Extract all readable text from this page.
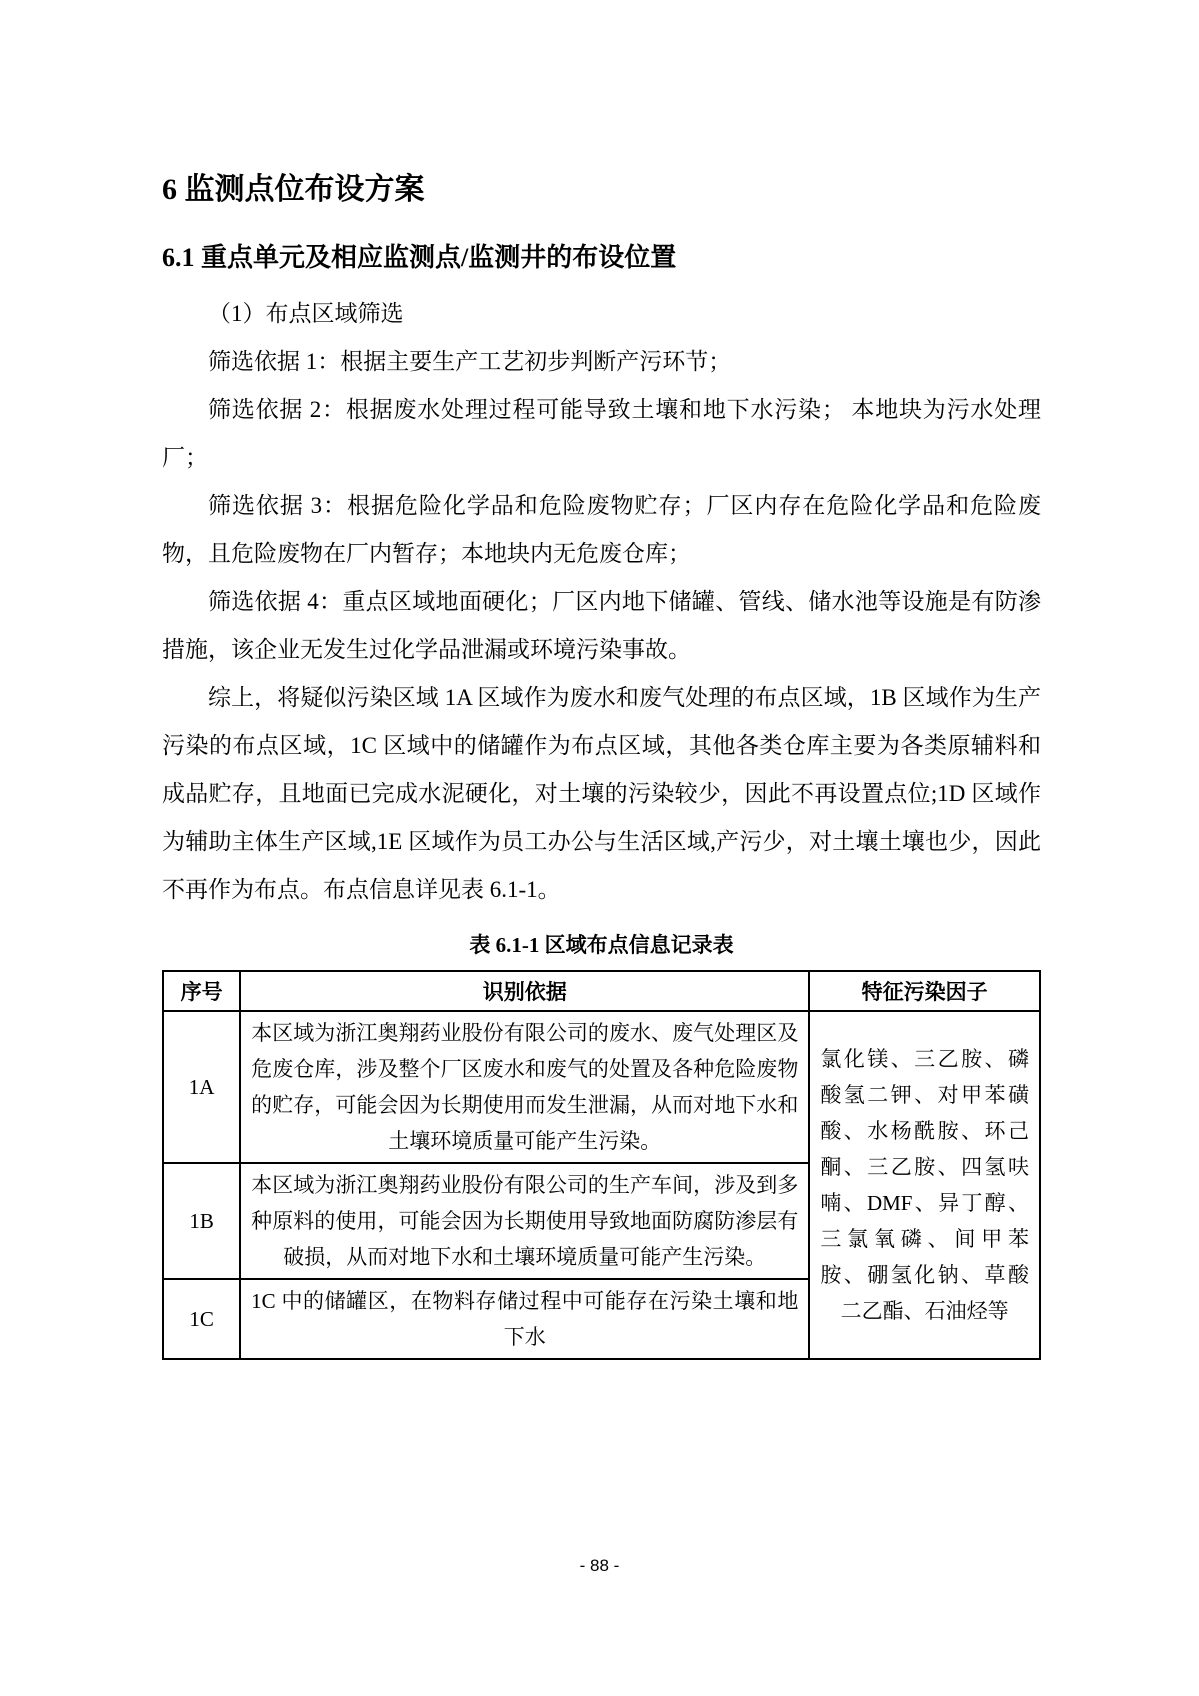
6 监测点位布设方案
6.1 重点单元及相应监测点/监测井的布设位置

（1）布点区域筛选

筛选依据 1：根据主要生产工艺初步判断产污环节；

筛选依据 2：根据废水处理过程可能导致土壤和地下水污染； 本地块为污水处理厂；

筛选依据 3：根据危险化学品和危险废物贮存；厂区内存在危险化学品和危险废物，且危险废物在厂内暂存；本地块内无危废仓库；

筛选依据 4：重点区域地面硬化；厂区内地下储罐、管线、储水池等设施是有防渗措施，该企业无发生过化学品泄漏或环境污染事故。

综上，将疑似污染区域 1A 区域作为废水和废气处理的布点区域，1B 区域作为生产污染的布点区域，1C 区域中的储罐作为布点区域，其他各类仓库主要为各类原辅料和成品贮存，且地面已完成水泥硬化，对土壤的污染较少，因此不再设置点位;1D 区域作为辅助主体生产区域,1E 区域作为员工办公与生活区域,产污少，对土壤土壤也少，因此不再作为布点。布点信息详见表 6.1-1。

表 6.1-1 区域布点信息记录表
序号	识别依据	特征污染因子
1A	本区域为浙江奥翔药业股份有限公司的废水、废气处理区及危废仓库，涉及整个厂区废水和废气的处置及各种危险废物的贮存，可能会因为长期使用而发生泄漏，从而对地下水和土壤环境质量可能产生污染。	氯化镁、三乙胺、磷酸氢二钾、对甲苯磺酸、水杨酰胺、环己酮、三乙胺、四氢呋喃、DMF、异丁醇、三氯氧磷、间甲苯胺、硼氢化钠、草酸二乙酯、石油烃等
1B	本区域为浙江奥翔药业股份有限公司的生产车间，涉及到多种原料的使用，可能会因为长期使用导致地面防腐防渗层有破损，从而对地下水和土壤环境质量可能产生污染。	
1C	1C 中的储罐区，在物料存储过程中可能存在污染土壤和地下水	
- 88 -
